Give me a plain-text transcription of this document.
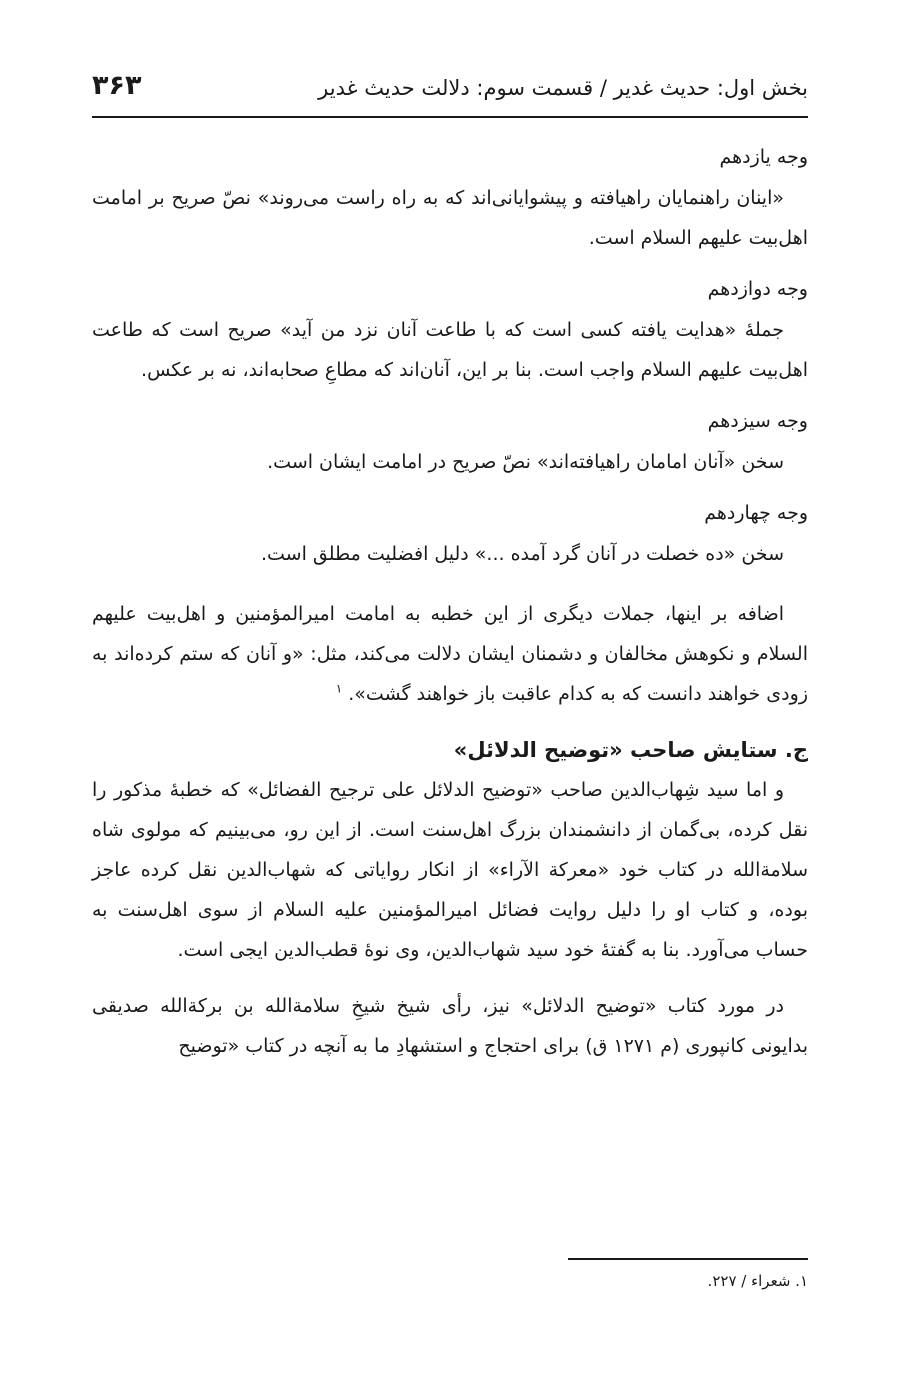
بخش اول: حدیث غدیر / قسمت سوم: دلالت حدیث غدیر
۳۶۳
وجه یازدهم

«اینان راهنمایان راهیافته و پیشوایانی‌اند که به راه راست می‌روند» نصّ صریح بر امامت اهل‌بیت علیهم السلام است.

وجه دوازدهم

جملهٔ «هدایت یافته کسی است که با طاعت آنان نزد من آید» صریح است که طاعت اهل‌بیت علیهم السلام واجب است. بنا بر این، آنان‌اند که مطاعِ صحابه‌اند، نه بر عکس.

وجه سیزدهم

سخن «آنان امامان راهیافته‌اند» نصّ صریح در امامت ایشان است.

وجه چهاردهم

سخن «ده خصلت در آنان گرد آمده ...» دلیل افضلیت مطلق است.

اضافه بر اینها، جملات دیگری از این خطبه به امامت امیرالمؤمنین و اهل‌بیت علیهم السلام و نکوهش مخالفان و دشمنان ایشان دلالت می‌کند، مثل: «و آنان که ستم کرده‌اند به زودی خواهند دانست که به کدام عاقبت باز خواهند گشت». $^۱$

ج. ستایش صاحب «توضیح الدلائل»

و اما سید شِهاب‌الدین صاحب «توضیح الدلائل علی ترجیح الفضائل» که خطبهٔ مذکور را نقل کرده، بی‌گمان از دانشمندان بزرگ اهل‌سنت است. از این رو، می‌بینیم که مولوی شاه سلامة‌الله در کتاب خود «معرکة الآراء» از انکار روایاتی که شهاب‌الدین نقل کرده عاجز بوده، و کتاب او را دلیل روایت فضائل امیرالمؤمنین علیه السلام از سوی اهل‌سنت به حساب می‌آورد. بنا به گفتهٔ خود سید شهاب‌الدین، وی نوهٔ قطب‌الدین ایجی است.

در مورد کتاب «توضیح الدلائل» نیز، رأی شیخ شیخِ سلامة‌الله بن برکة‌الله صدیقی بدایونی کانپوری (م ۱۲۷۱ ق) برای احتجاج و استشهادِ ما به آنچه در کتاب «توضیح

۱. شعراء / ۲۲۷.
